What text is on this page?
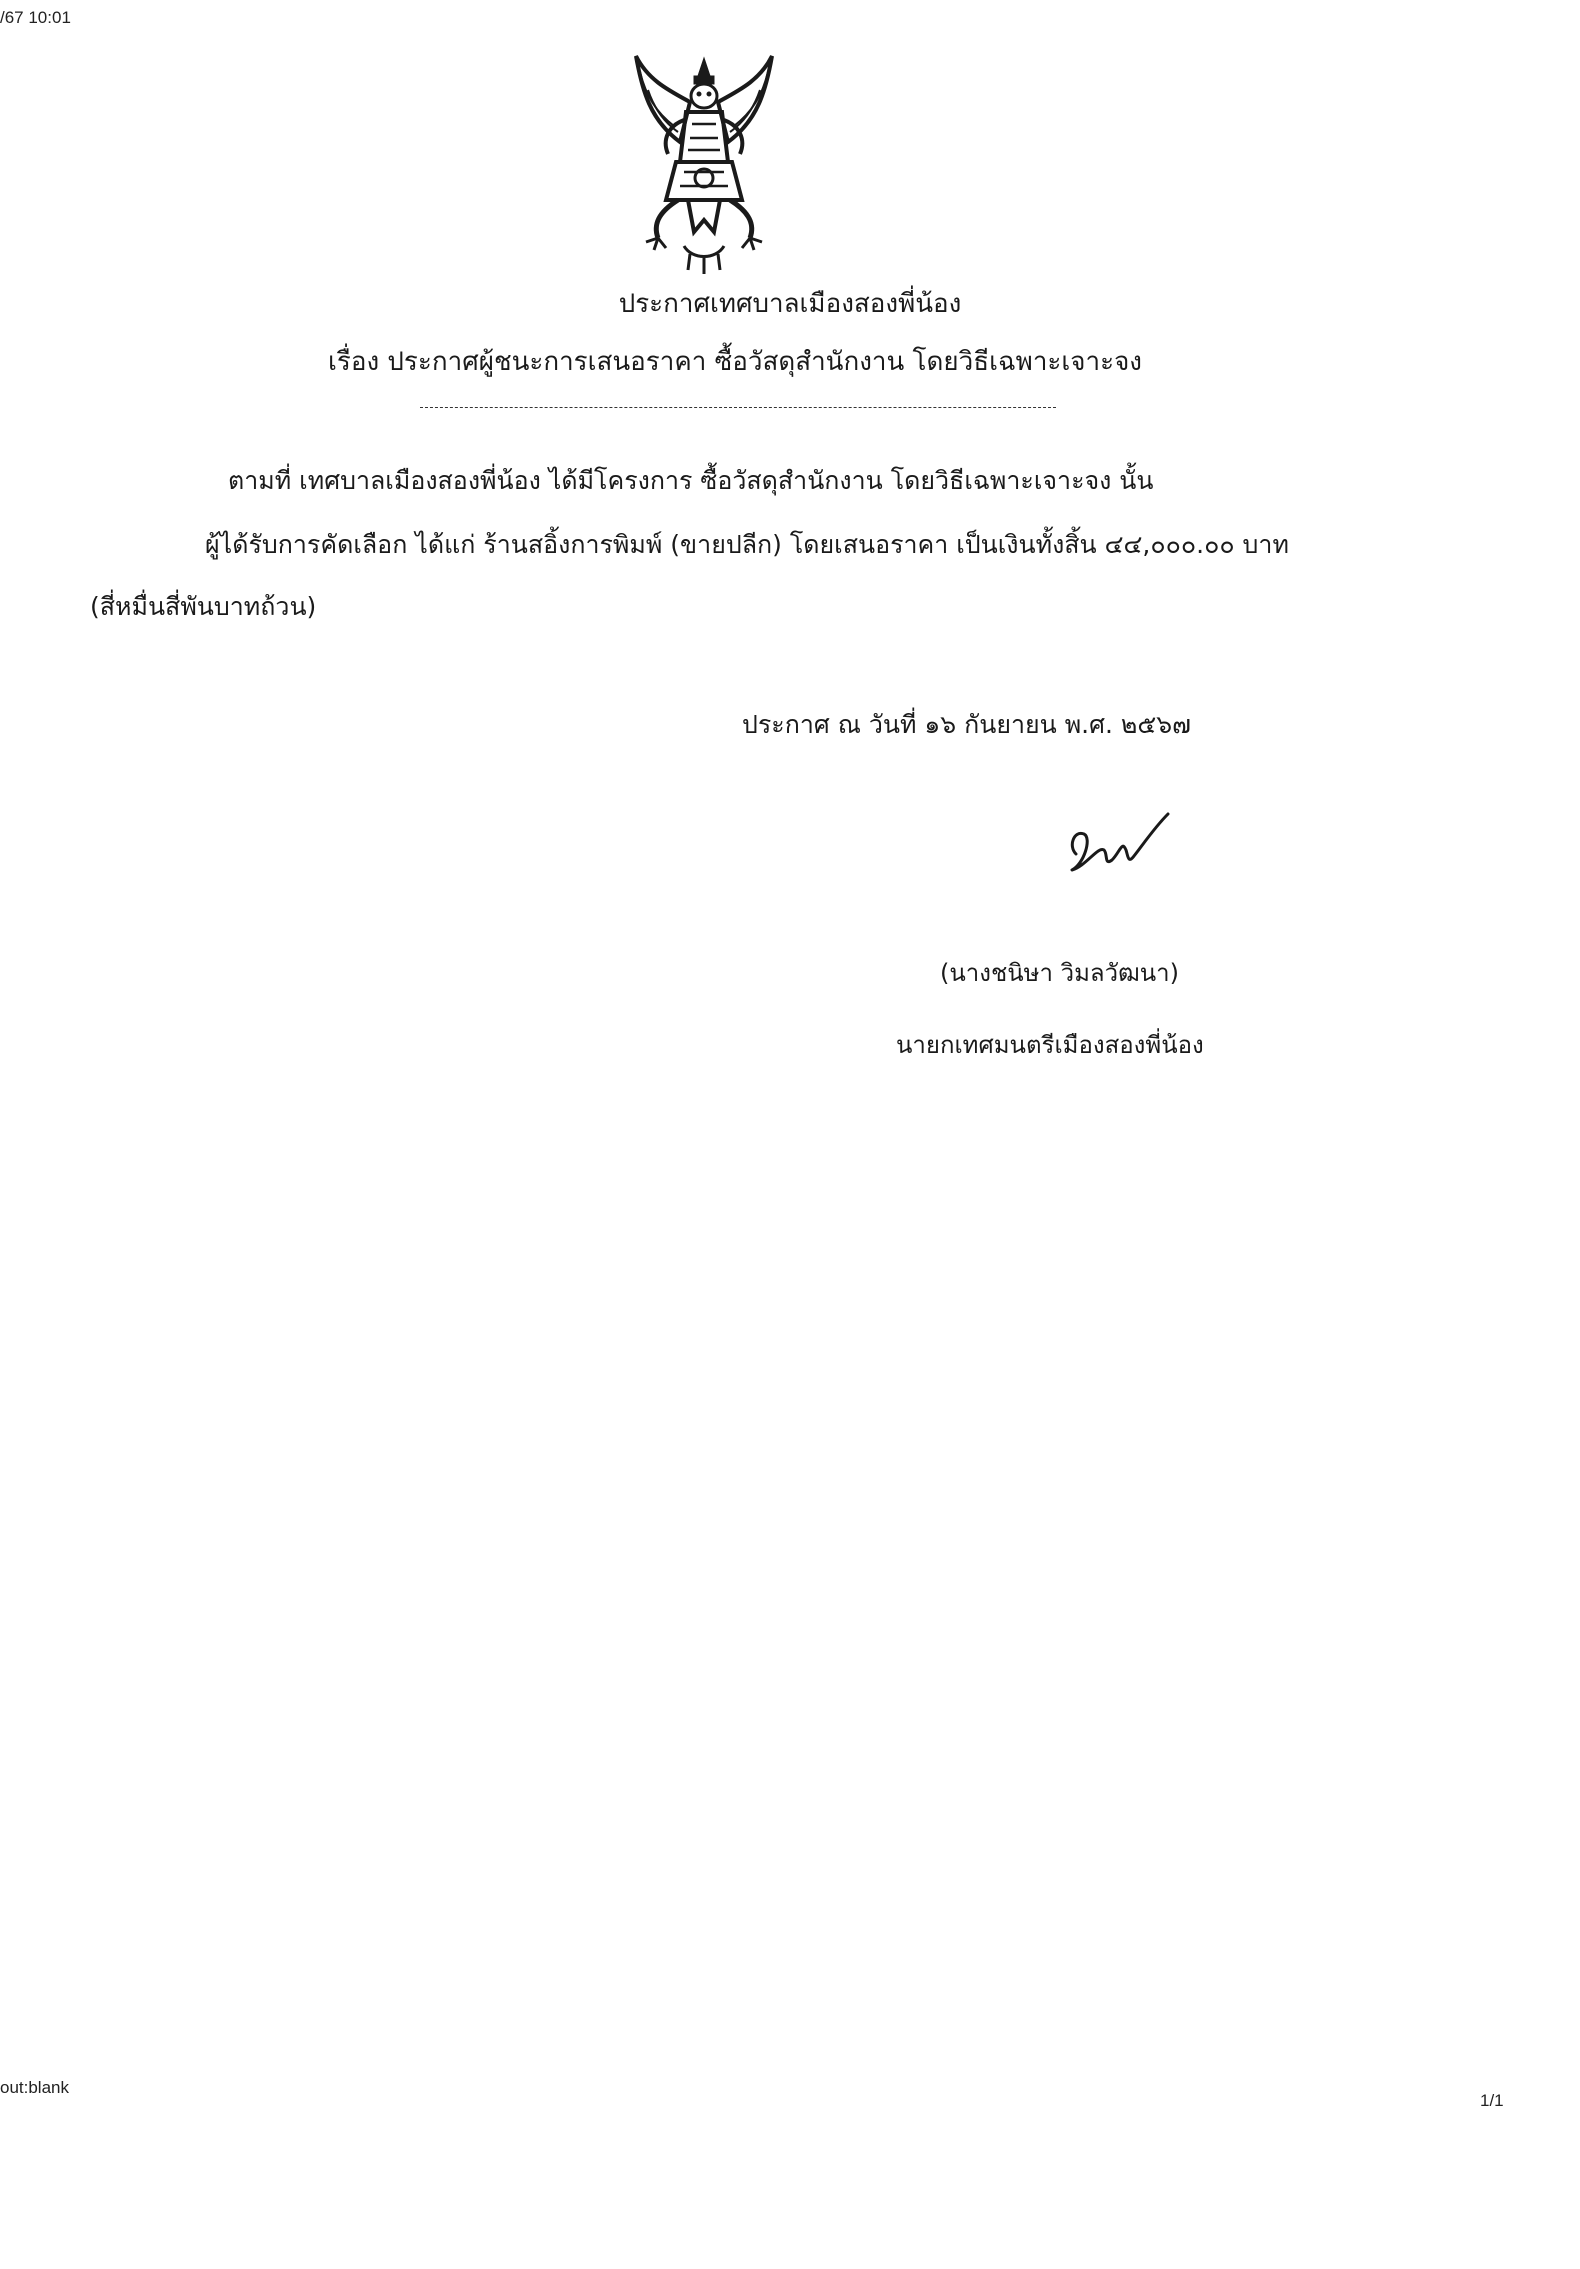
/67 10:01
ประกาศเทศบาลเมืองสองพี่น้อง
เรื่อง ประกาศผู้ชนะการเสนอราคา ซื้อวัสดุสำนักงาน โดยวิธีเฉพาะเจาะจง
ตามที่ เทศบาลเมืองสองพี่น้อง ได้มีโครงการ ซื้อวัสดุสำนักงาน โดยวิธีเฉพาะเจาะจง นั้น
ผู้ได้รับการคัดเลือก ได้แก่ ร้านสอิ้งการพิมพ์ (ขายปลีก) โดยเสนอราคา เป็นเงินทั้งสิ้น ๔๔,๐๐๐.๐๐ บาท
(สี่หมื่นสี่พันบาทถ้วน)
ประกาศ ณ วันที่ ๑๖ กันยายน พ.ศ. ๒๕๖๗
(นางชนิษา วิมลวัฒนา)
นายกเทศมนตรีเมืองสองพี่น้อง
out:blank
1/1
